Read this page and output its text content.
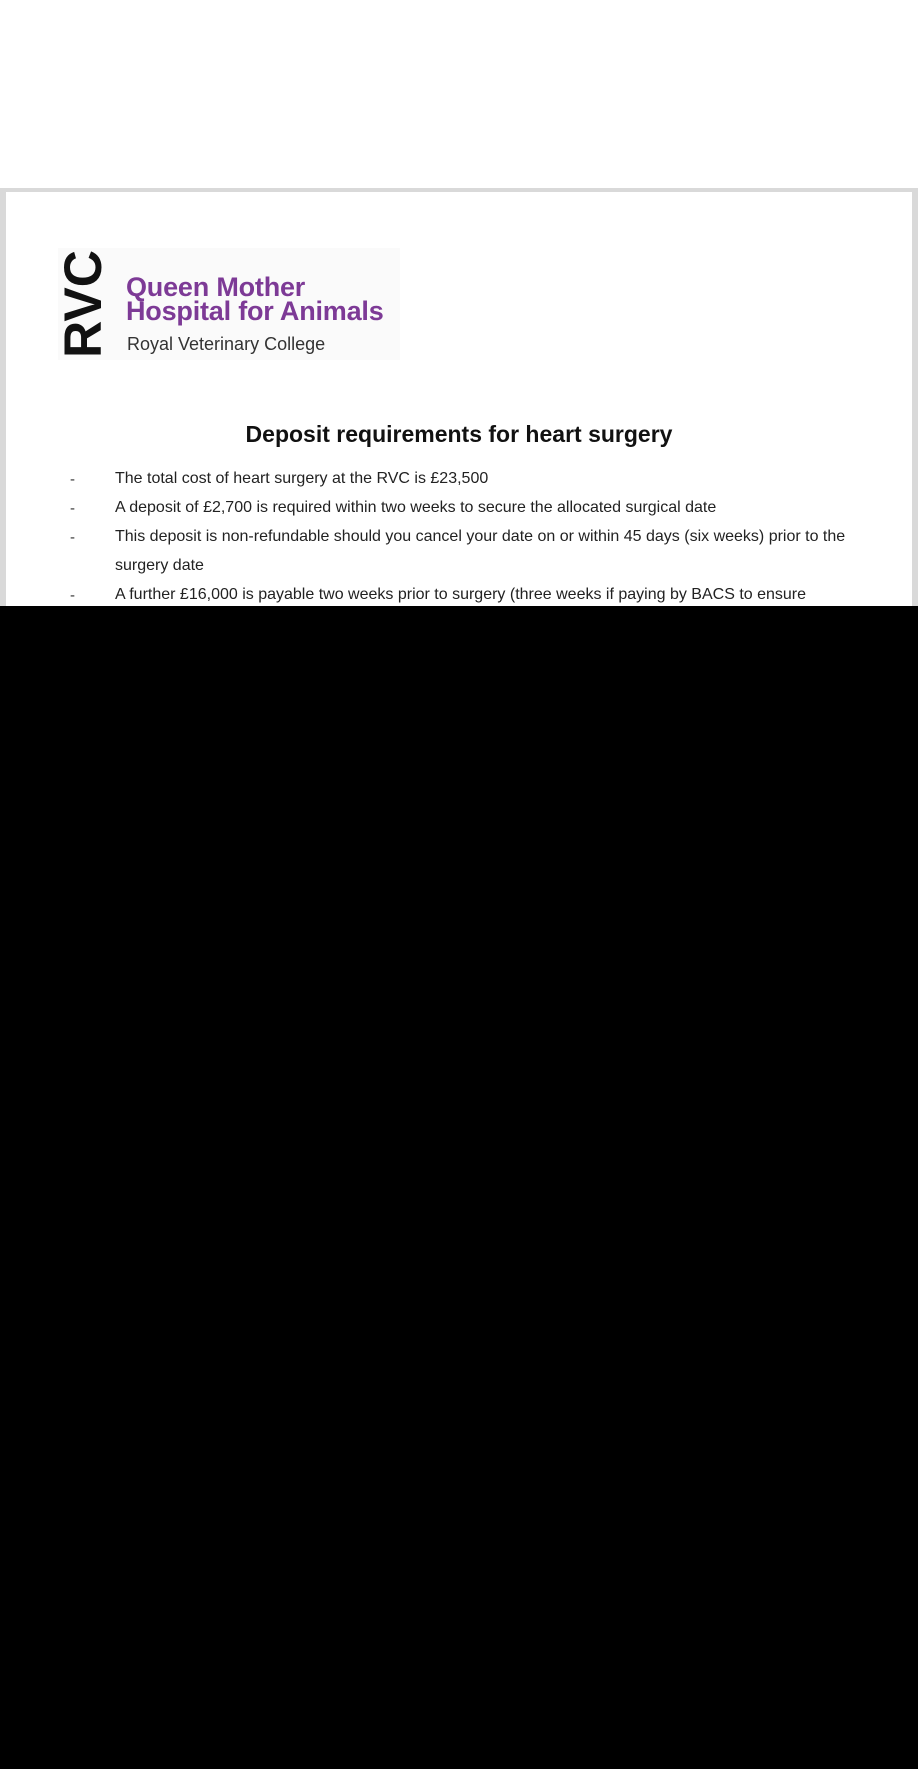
RVC Queen Mother
Hospital for Animals
Royal Veterinary College
Deposit requirements for heart surgery
-	The total cost of heart surgery at the RVC is £23,500
-	A deposit of £2,700 is required within two weeks to secure the allocated surgical date
-	This deposit is non-refundable should you cancel your date on or within 45 days (six weeks) prior to the surgery date
-	A further £16,000 is payable two weeks prior to surgery (three weeks if paying by BACS to ensure
